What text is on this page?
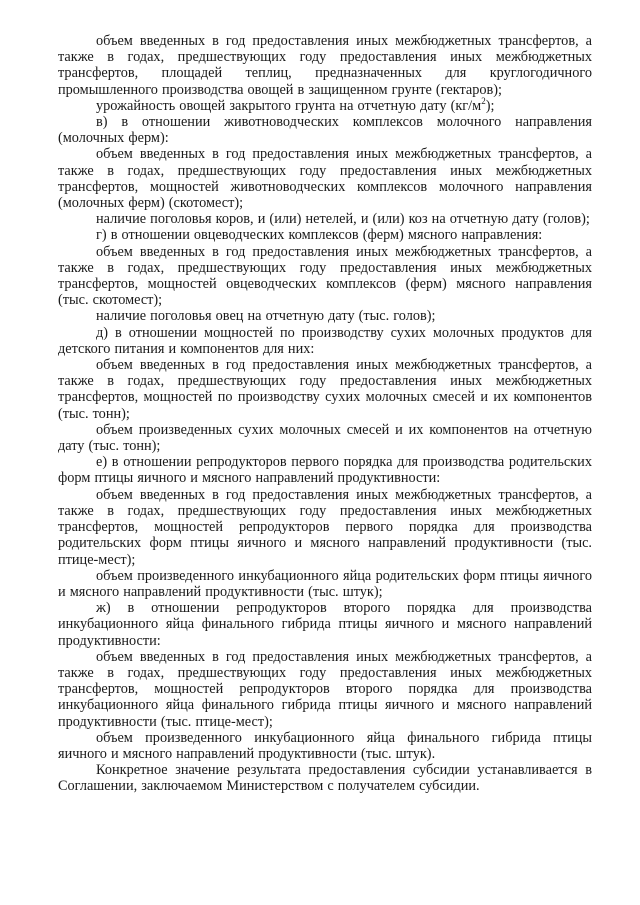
объем введенных в год предоставления иных межбюджетных трансфертов, а также в годах, предшествующих году предоставления иных межбюджетных трансфертов, площадей теплиц, предназначенных для круглогодичного промышленного производства овощей в защищенном грунте (гектаров);

урожайность овощей закрытого грунта на отчетную дату $(кг/м^2)$;

в) в отношении животноводческих комплексов молочного направления (молочных ферм):

объем введенных в год предоставления иных межбюджетных трансфертов, а также в годах, предшествующих году предоставления иных межбюджетных трансфертов, мощностей животноводческих комплексов молочного направления (молочных ферм) (скотомест);

наличие поголовья коров, и (или) нетелей, и (или) коз на отчетную дату (голов);

г) в отношении овцеводческих комплексов (ферм) мясного направления:

объем введенных в год предоставления иных межбюджетных трансфертов, а также в годах, предшествующих году предоставления иных межбюджетных трансфертов, мощностей овцеводческих комплексов (ферм) мясного направления (тыс. скотомест);

наличие поголовья овец на отчетную дату (тыс. голов);

д) в отношении мощностей по производству сухих молочных продуктов для детского питания и компонентов для них:

объем введенных в год предоставления иных межбюджетных трансфертов, а также в годах, предшествующих году предоставления иных межбюджетных трансфертов, мощностей по производству сухих молочных смесей и их компонентов (тыс. тонн);

объем произведенных сухих молочных смесей и их компонентов на отчетную дату (тыс. тонн);

е) в отношении репродукторов первого порядка для производства родительских форм птицы яичного и мясного направлений продуктивности:

объем введенных в год предоставления иных межбюджетных трансфертов, а также в годах, предшествующих году предоставления иных межбюджетных трансфертов, мощностей репродукторов первого порядка для производства родительских форм птицы яичного и мясного направлений продуктивности (тыс. птице-мест);

объем произведенного инкубационного яйца родительских форм птицы яичного и мясного направлений продуктивности (тыс. штук);

ж) в отношении репродукторов второго порядка для производства инкубационного яйца финального гибрида птицы яичного и мясного направлений продуктивности:

объем введенных в год предоставления иных межбюджетных трансфертов, а также в годах, предшествующих году предоставления иных межбюджетных трансфертов, мощностей репродукторов второго порядка для производства инкубационного яйца финального гибрида птицы яичного и мясного направлений продуктивности (тыс. птице-мест);

объем произведенного инкубационного яйца финального гибрида птицы яичного и мясного направлений продуктивности (тыс. штук).

Конкретное значение результата предоставления субсидии устанавливается в Соглашении, заключаемом Министерством с получателем субсидии.
